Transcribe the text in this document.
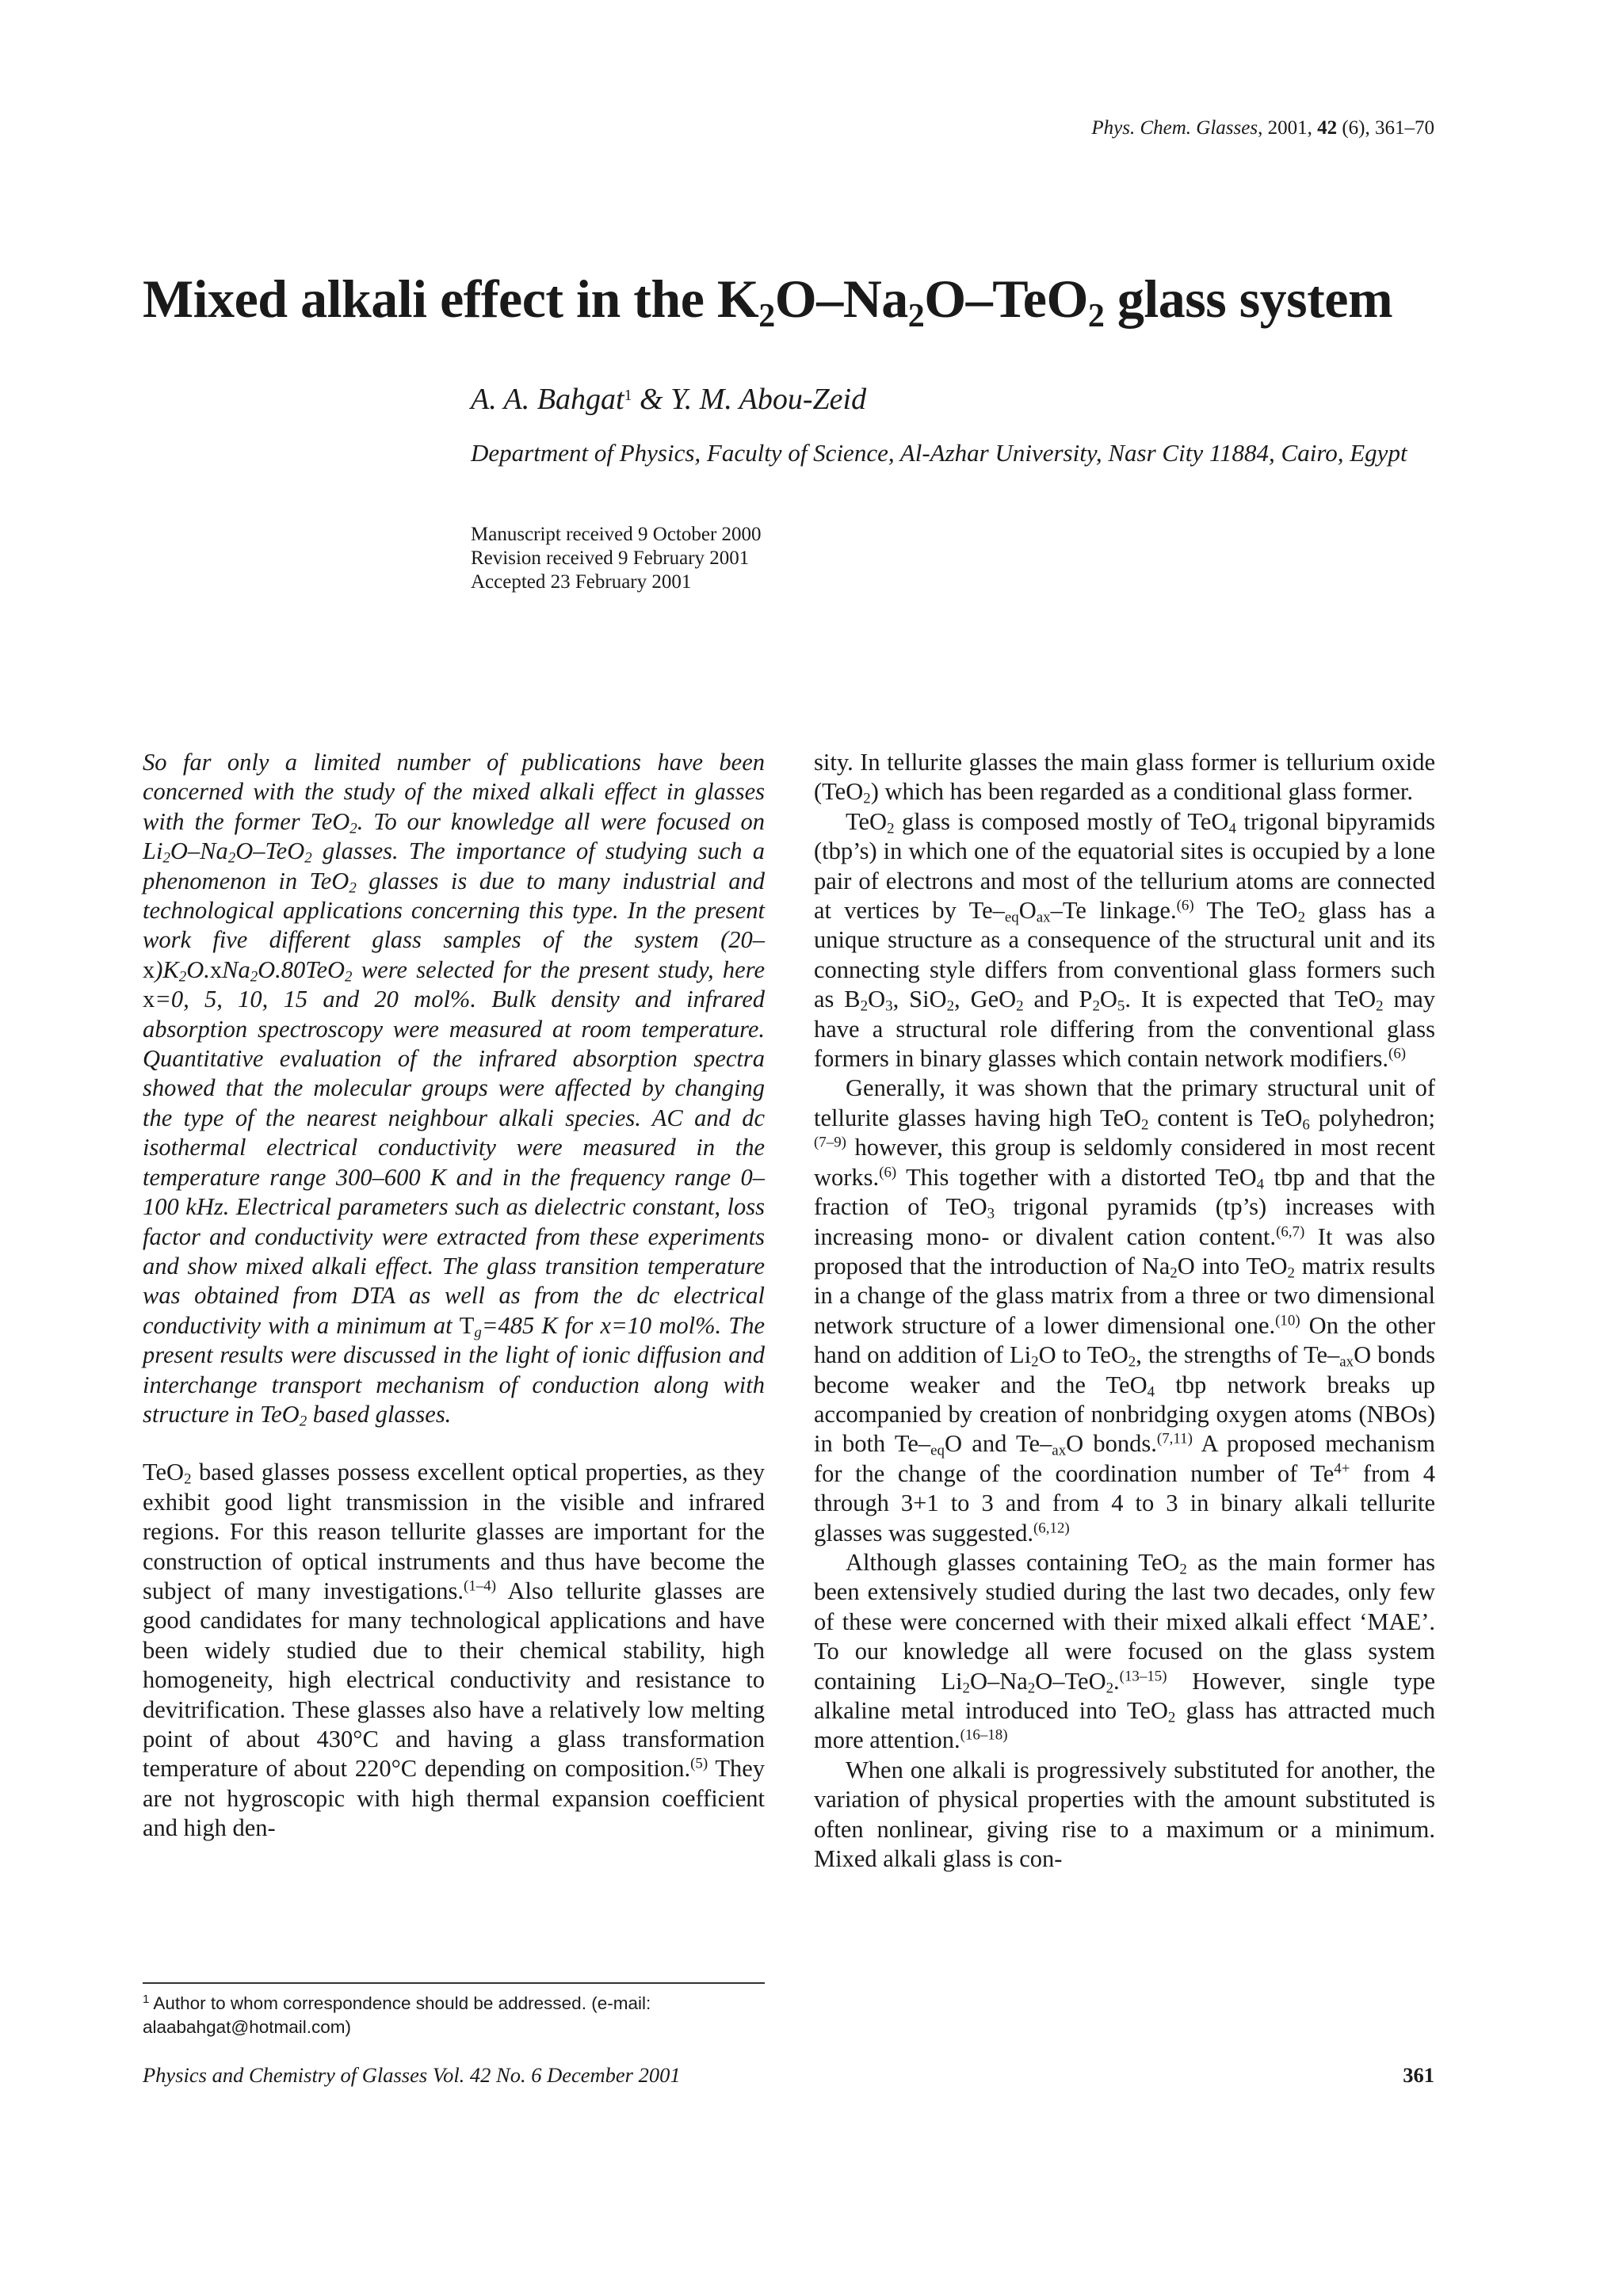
Phys. Chem. Glasses, 2001, 42 (6), 361–70
Mixed alkali effect in the $K_2O-Na_2O-TeO_2$ glass system
A. A. Bahgat$^1$ & Y. M. Abou-Zeid
Department of Physics, Faculty of Science, Al-Azhar University, Nasr City 11884, Cairo, Egypt
Manuscript received 9 October 2000
Revision received 9 February 2001
Accepted 23 February 2001

So far only a limited number of publications have been concerned with the study of the mixed alkali effect in glasses with the former TeO$_2$. To our knowledge all were focused on $Li_2O-Na_2O-TeO_2$ glasses. The importance of studying such a phenomenon in TeO$_2$ glasses is due to many industrial and technological applications concerning this type. In the present work five different glass samples of the system $(20-x)K_2O.xNa_2O.80TeO_2$ were selected for the present study, here x=0, 5, 10, 15 and 20 mol%. Bulk density and infrared absorption spectroscopy were measured at room temperature. Quantitative evaluation of the infrared absorption spectra showed that the molecular groups were affected by changing the type of the nearest neighbour alkali species. AC and dc isothermal electrical conductivity were measured in the temperature range 300–600 K and in the frequency range 0–100 kHz. Electrical parameters such as dielectric constant, loss factor and conductivity were extracted from these experiments and show mixed alkali effect. The glass transition temperature was obtained from DTA as well as from the dc electrical conductivity with a minimum at $T_g=485$ K for x=10 mol%. The present results were discussed in the light of ionic diffusion and interchange transport mechanism of conduction along with structure in TeO$_2$ based glasses.

TeO$_2$ based glasses possess excellent optical properties, as they exhibit good light transmission in the visible and infrared regions. For this reason tellurite glasses are important for the construction of optical instruments and thus have become the subject of many investigations.$^{(1-4)}$ Also tellurite glasses are good candidates for many technological applications and have been widely studied due to their chemical stability, high homogeneity, high electrical conductivity and resistance to devitrification. These glasses also have a relatively low melting point of about 430°C and having a glass transformation temperature of about 220°C depending on composition.$^{(5)}$ They are not hygroscopic with high thermal expansion coefficient and high den-

sity. In tellurite glasses the main glass former is tellurium oxide (TeO$_2$) which has been regarded as a conditional glass former.

TeO$_2$ glass is composed mostly of TeO$_4$ trigonal bipyramids (tbp’s) in which one of the equatorial sites is occupied by a lone pair of electrons and most of the tellurium atoms are connected at vertices by $Te-_{eq}O_{ax}-Te$ linkage.$^{(6)}$ The TeO$_2$ glass has a unique structure as a consequence of the structural unit and its connecting style differs from conventional glass formers such as $B_2O_3$, SiO$_2$, GeO$_2$ and $P_2O_5$. It is expected that TeO$_2$ may have a structural role differing from the conventional glass formers in binary glasses which contain network modifiers.$^{(6)}$

Generally, it was shown that the primary structural unit of tellurite glasses having high TeO$_2$ content is TeO$_6$ polyhedron;$^{(7-9)}$ however, this group is seldomly considered in most recent works.$^{(6)}$ This together with a distorted TeO$_4$ tbp and that the fraction of TeO$_3$ trigonal pyramids (tp’s) increases with increasing mono- or divalent cation content.$^{(6,7)}$ It was also proposed that the introduction of $Na_2O$ into TeO$_2$ matrix results in a change of the glass matrix from a three or two dimensional network structure of a lower dimensional one.$^{(10)}$ On the other hand on addition of $Li_2O$ to TeO$_2$, the strengths of $Te-_{ax}O$ bonds become weaker and the TeO$_4$ tbp network breaks up accompanied by creation of nonbridging oxygen atoms (NBOs) in both $Te-_{eq}O$ and $Te-_{ax}O$ bonds.$^{(7,11)}$ A proposed mechanism for the change of the coordination number of $Te^{4+}$ from 4 through 3+1 to 3 and from 4 to 3 in binary alkali tellurite glasses was suggested.$^{(6,12)}$

Although glasses containing TeO$_2$ as the main former has been extensively studied during the last two decades, only few of these were concerned with their mixed alkali effect ‘MAE’. To our knowledge all were focused on the glass system containing $Li_2O-Na_2O-TeO_2.^{(13-15)}$ However, single type alkaline metal introduced into TeO$_2$ glass has attracted much more attention.$^{(16-18)}$

When one alkali is progressively substituted for another, the variation of physical properties with the amount substituted is often nonlinear, giving rise to a maximum or a minimum. Mixed alkali glass is con-

$^1$ Author to whom correspondence should be addressed. (e-mail: alaabahgat@hotmail.com)
Physics and Chemistry of Glasses Vol. 42 No. 6 December 2001	361
